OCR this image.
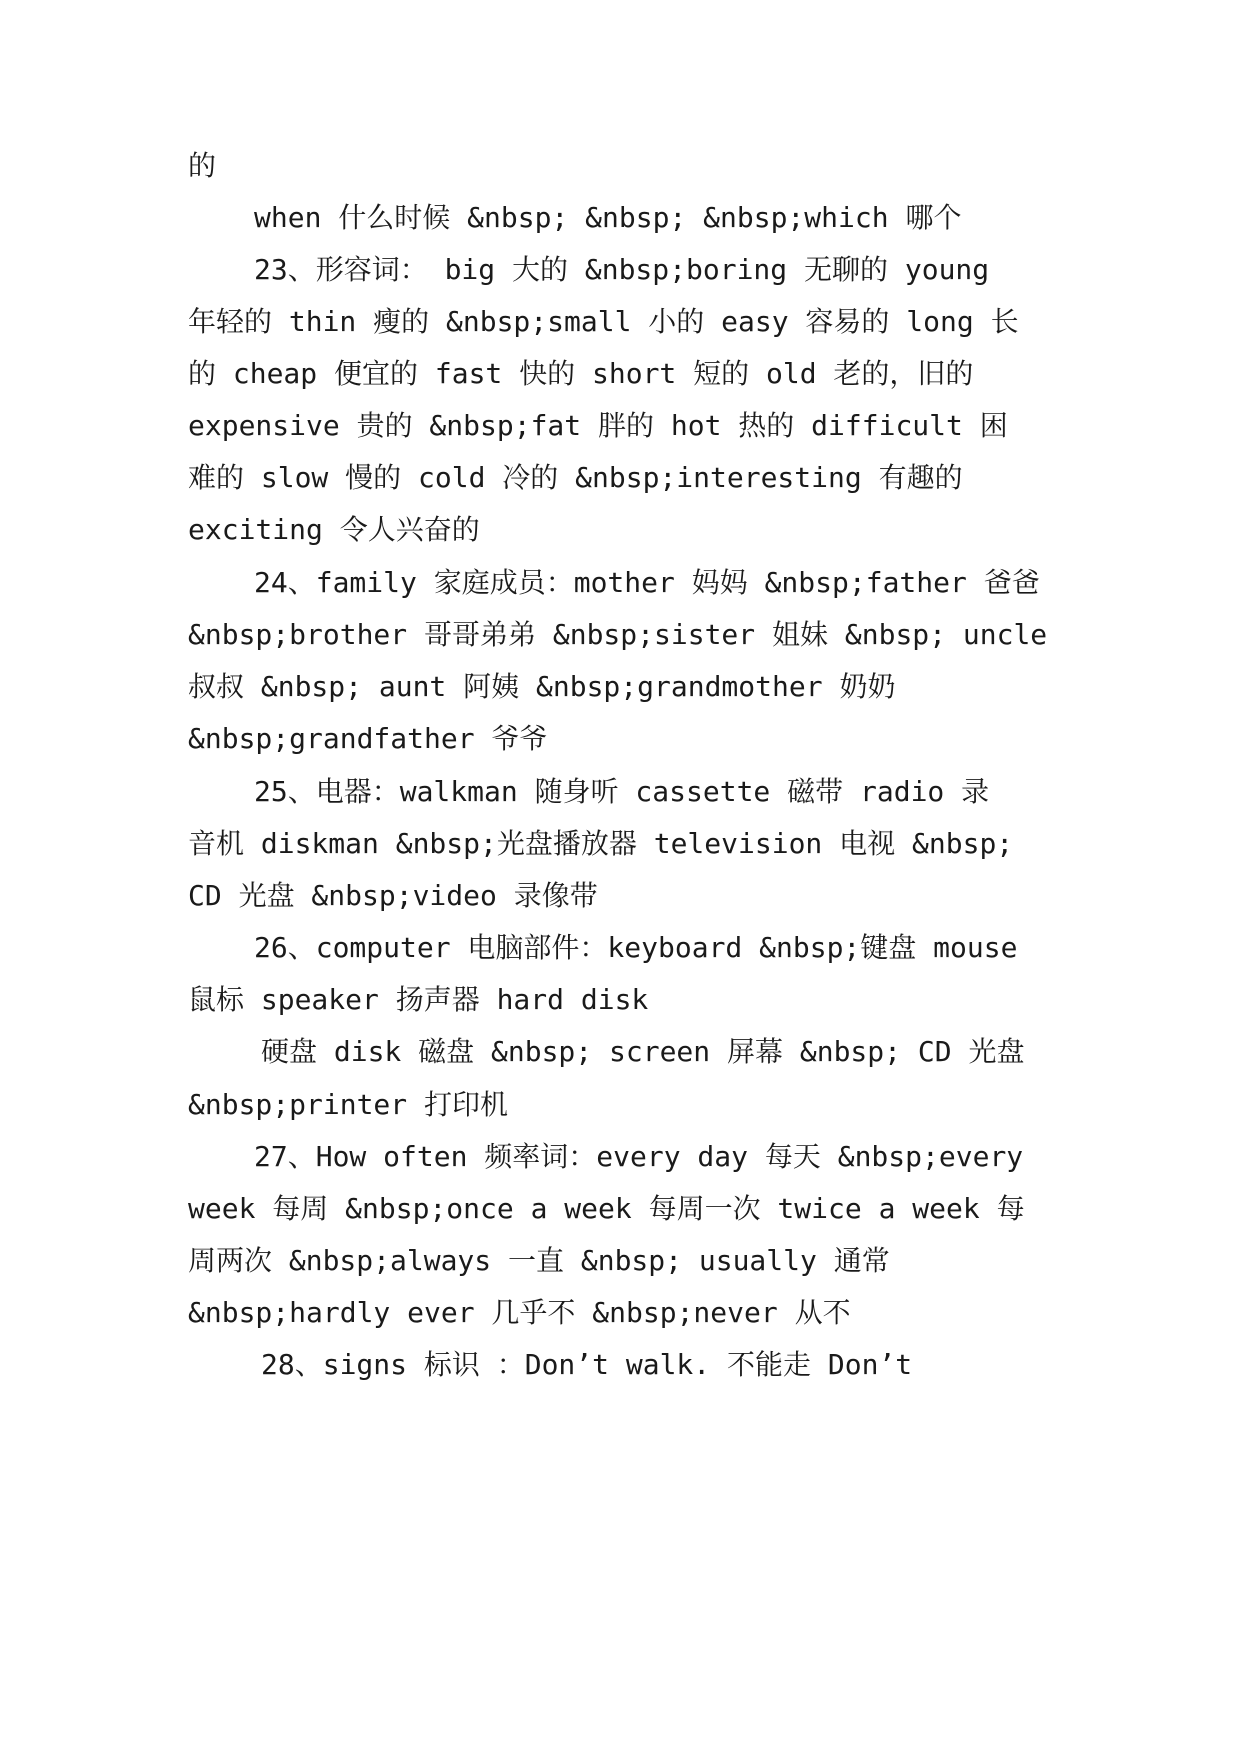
的
when 什么时候 &nbsp; &nbsp; &nbsp;which 哪个
23、形容词： big 大的 &nbsp;boring 无聊的 young
年轻的 thin 瘦的 &nbsp;small 小的 easy 容易的 long 长
的 cheap 便宜的 fast 快的 short 短的 old 老的，旧的
expensive 贵的 &nbsp;fat 胖的 hot 热的 difficult 困
难的 slow 慢的 cold 冷的 &nbsp;interesting 有趣的
exciting 令人兴奋的
24、family 家庭成员：mother 妈妈 &nbsp;father 爸爸
&nbsp;brother 哥哥弟弟 &nbsp;sister 姐妹 &nbsp; uncle
叔叔 &nbsp; aunt 阿姨 &nbsp;grandmother 奶奶
&nbsp;grandfather 爷爷
25、电器：walkman 随身听 cassette 磁带 radio 录
音机 diskman &nbsp;光盘播放器 television 电视 &nbsp;
CD 光盘 &nbsp;video 录像带
26、computer 电脑部件：keyboard &nbsp;键盘 mouse
鼠标 speaker 扬声器 hard disk
硬盘 disk 磁盘 &nbsp; screen 屏幕 &nbsp; CD 光盘
&nbsp;printer 打印机
27、How often 频率词：every day 每天 &nbsp;every
week 每周 &nbsp;once a week 每周一次 twice a week 每
周两次 &nbsp;always 一直 &nbsp; usually 通常
&nbsp;hardly ever 几乎不 &nbsp;never 从不
28、signs 标识 ：Don’t walk. 不能走 Don’t
